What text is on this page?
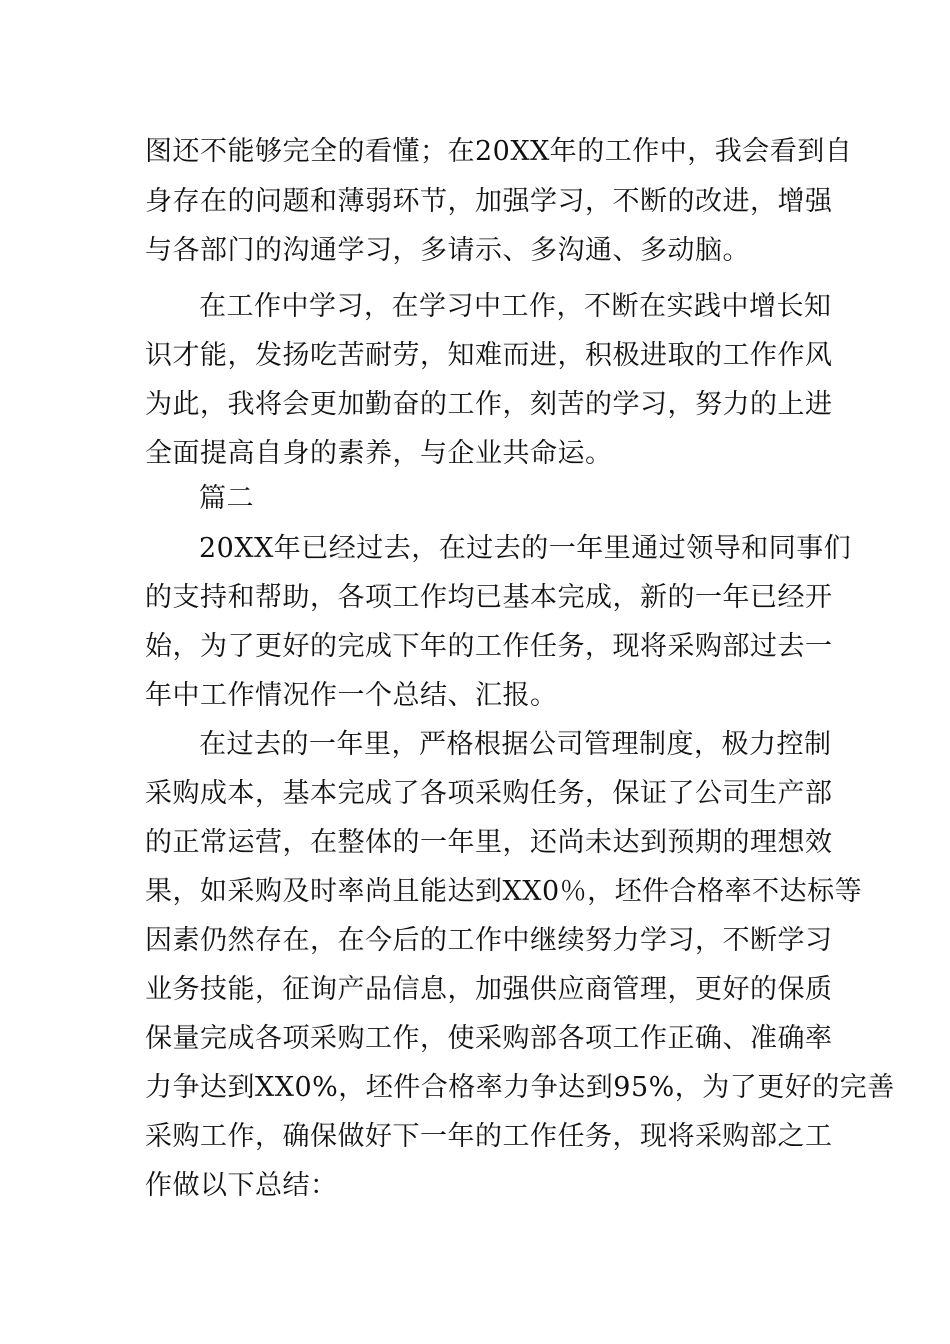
图还不能够完全的看懂；在20XX年的工作中，我会看到自
身存在的问题和薄弱环节，加强学习，不断的改进，增强
与各部门的沟通学习，多请示、多沟通、多动脑。
在工作中学习，在学习中工作，不断在实践中增长知
识才能，发扬吃苦耐劳，知难而进，积极进取的工作作风
为此，我将会更加勤奋的工作，刻苦的学习，努力的上进
全面提高自身的素养，与企业共命运。
篇二
20XX年已经过去，在过去的一年里通过领导和同事们
的支持和帮助，各项工作均已基本完成，新的一年已经开
始，为了更好的完成下年的工作任务，现将采购部过去一
年中工作情况作一个总结、汇报。
在过去的一年里，严格根据公司管理制度，极力控制
采购成本，基本完成了各项采购任务，保证了公司生产部
的正常运营，在整体的一年里，还尚未达到预期的理想效
果，如采购及时率尚且能达到XX0％，坯件合格率不达标等
因素仍然存在，在今后的工作中继续努力学习，不断学习
业务技能，征询产品信息，加强供应商管理，更好的保质
保量完成各项采购工作，使采购部各项工作正确、准确率
力争达到XX0%，坯件合格率力争达到95%，为了更好的完善
采购工作，确保做好下一年的工作任务，现将采购部之工
作做以下总结：
